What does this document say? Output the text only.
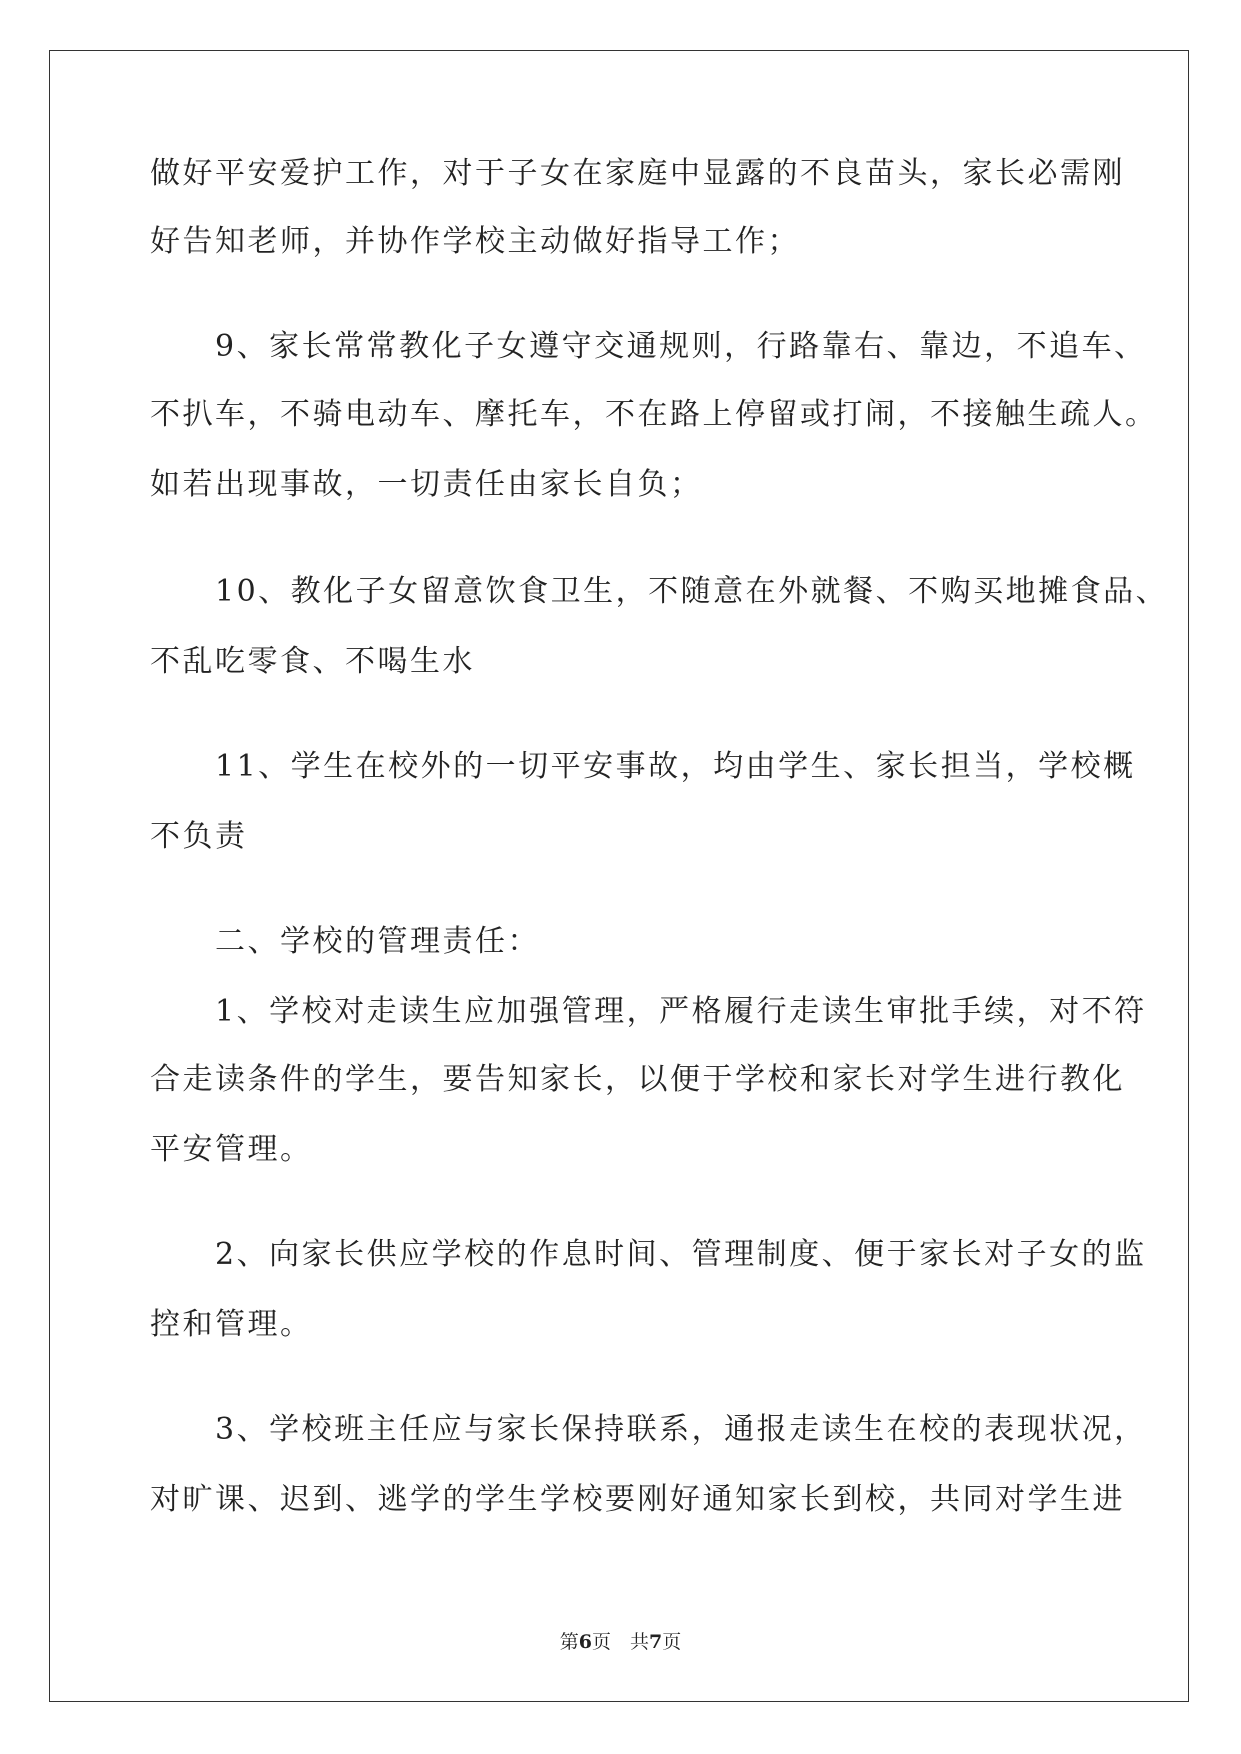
做好平安爱护工作，对于子女在家庭中显露的不良苗头，家长必需刚
好告知老师，并协作学校主动做好指导工作；
　　9、家长常常教化子女遵守交通规则，行路靠右、靠边，不追车、
不扒车，不骑电动车、摩托车，不在路上停留或打闹，不接触生疏人。
如若出现事故，一切责任由家长自负；
　　10、教化子女留意饮食卫生，不随意在外就餐、不购买地摊食品、
不乱吃零食、不喝生水
　　11、学生在校外的一切平安事故，均由学生、家长担当，学校概
不负责
　　二、学校的管理责任：
　　1、学校对走读生应加强管理，严格履行走读生审批手续，对不符
合走读条件的学生，要告知家长，以便于学校和家长对学生进行教化
平安管理。
　　2、向家长供应学校的作息时间、管理制度、便于家长对子女的监
控和管理。
　　3、学校班主任应与家长保持联系，通报走读生在校的表现状况，
对旷课、迟到、逃学的学生学校要刚好通知家长到校，共同对学生进
第6页　共7页
